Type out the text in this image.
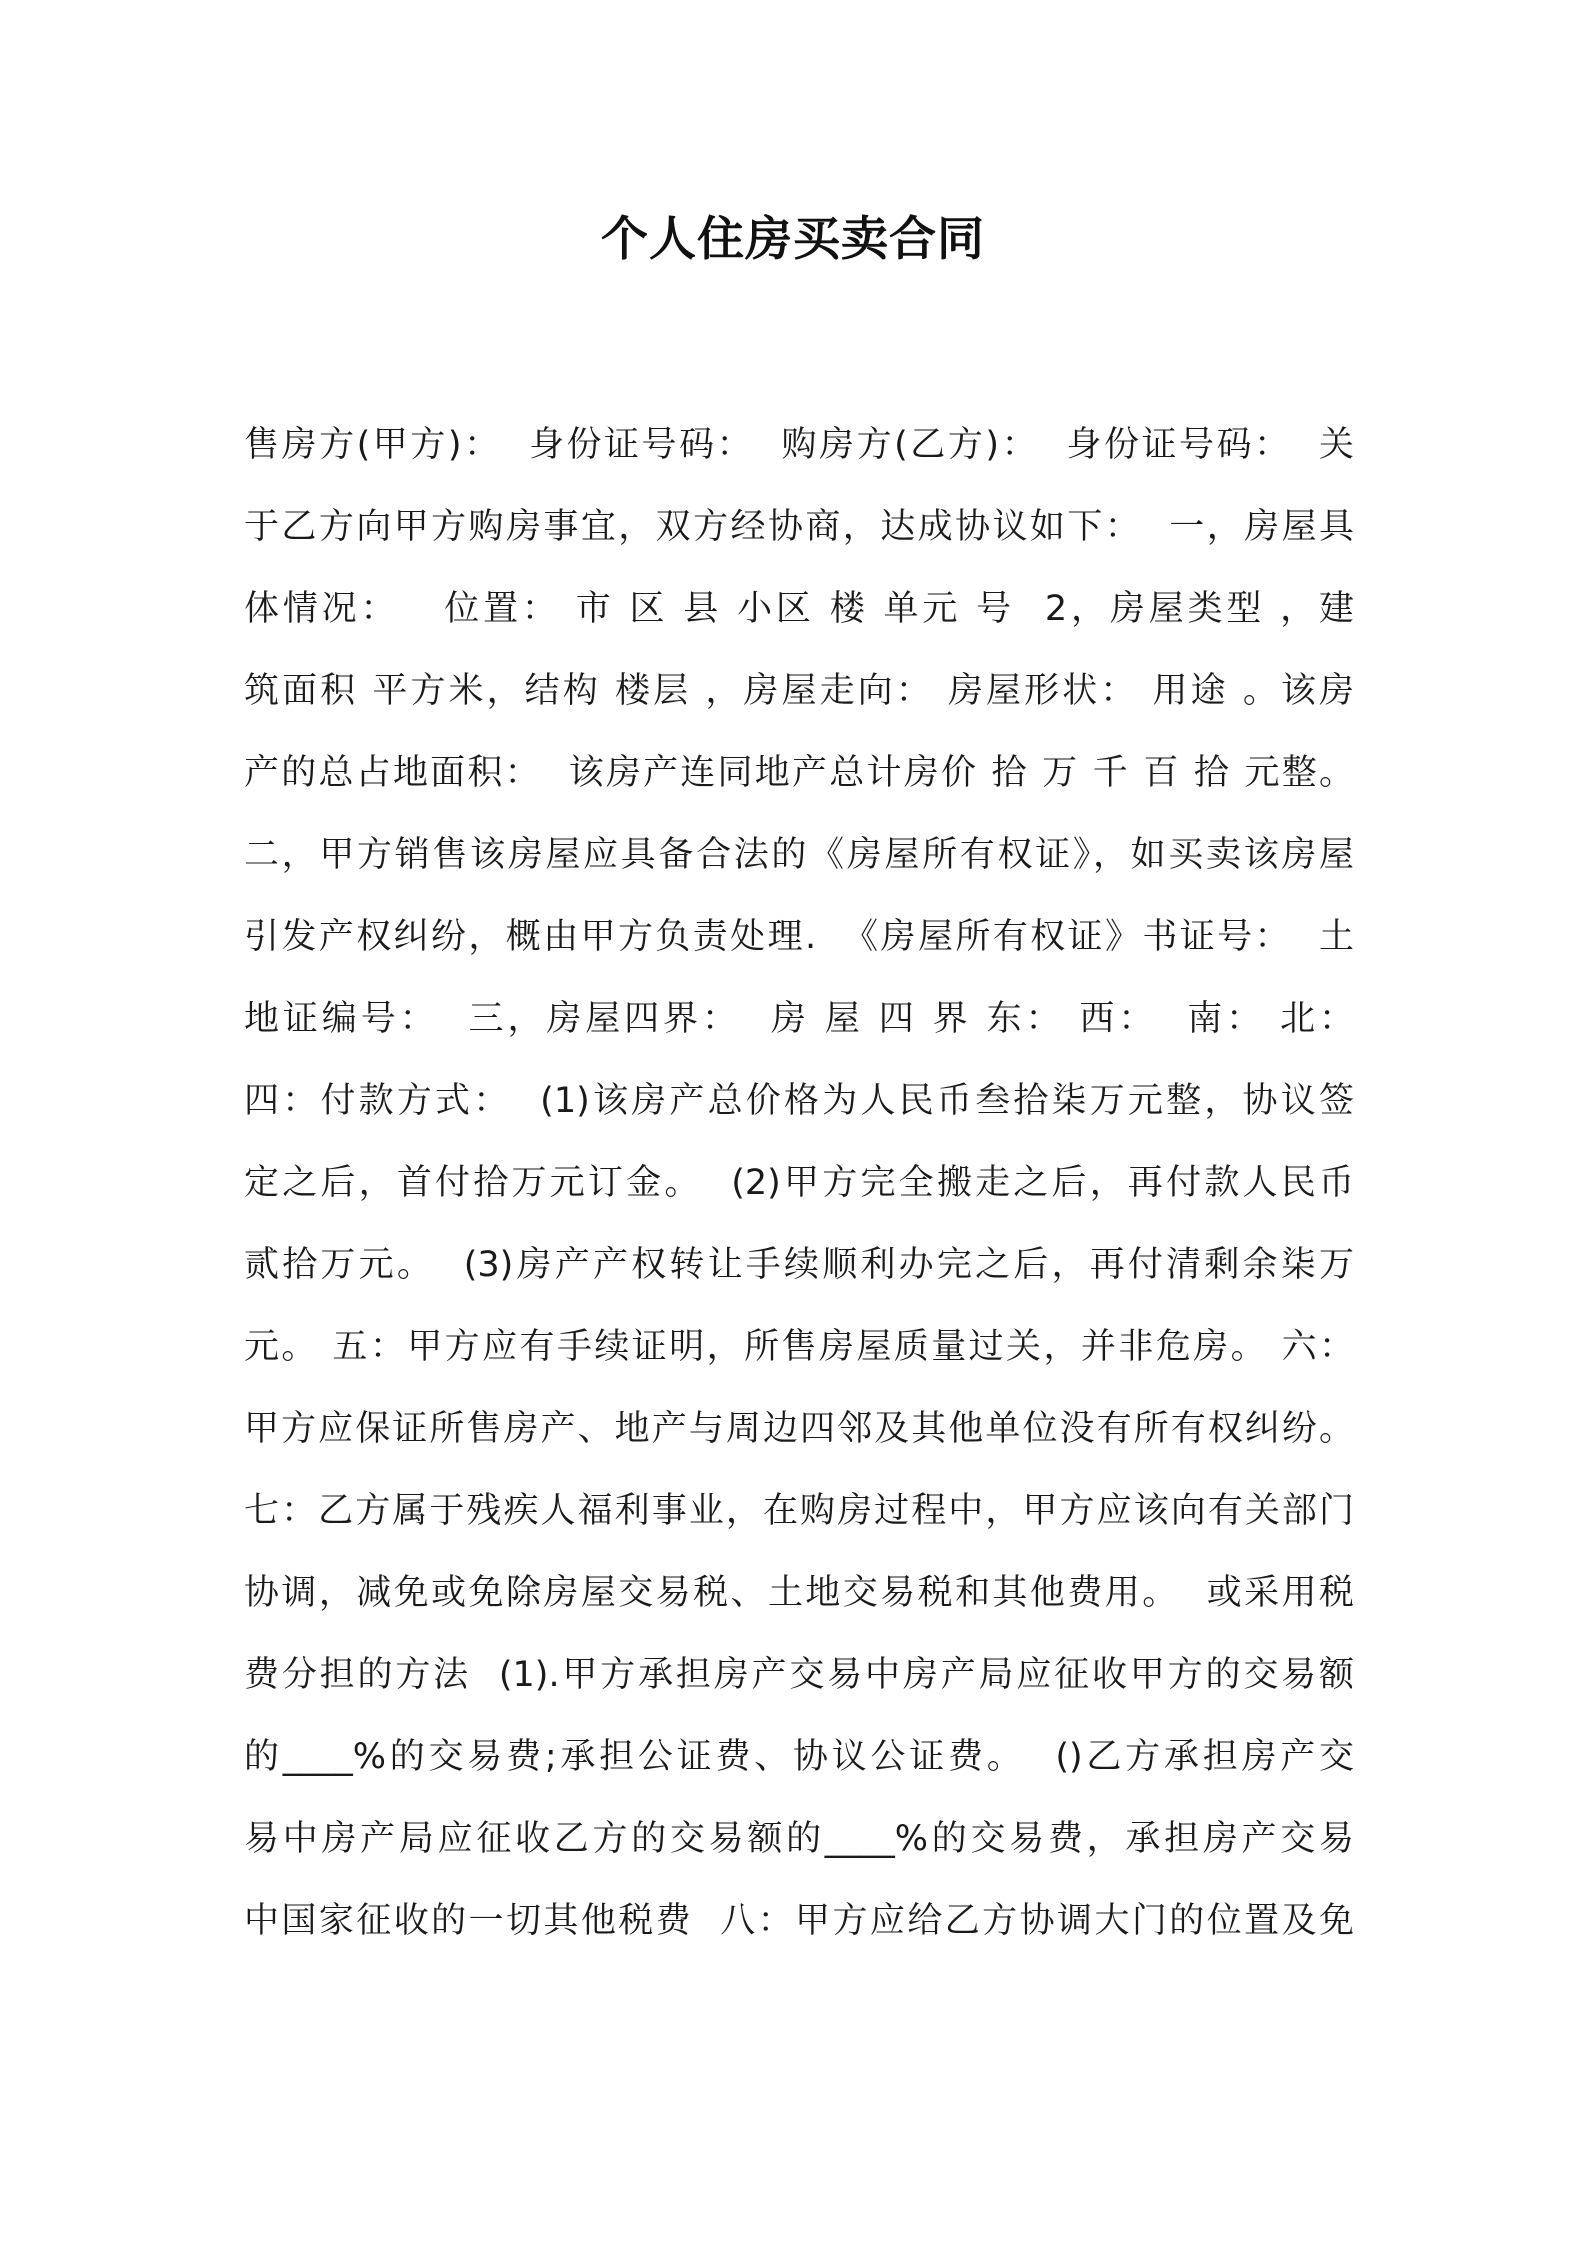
个人住房买卖合同
售房方(甲方)：  身份证号码：  购房方(乙方)：  身份证号码：  关
于乙方向甲方购房事宜，双方经协商，达成协议如下：  一，房屋具
体情况：   位置： 市 区 县 小区 楼 单元 号  2，房屋类型 ，建
筑面积 平方米，结构 楼层 ，房屋走向： 房屋形状： 用途 。该房
产的总占地面积：  该房产连同地产总计房价 拾 万 千 百 拾 元整。
二，甲方销售该房屋应具备合法的《房屋所有权证》，如买卖该房屋
引发产权纠纷，概由甲方负责处理.  《房屋所有权证》书证号：  土
地证编号：  三，房屋四界：  房 屋 四 界 东： 西：  南： 北：
四：付款方式：  (1)该房产总价格为人民币叁拾柒万元整，协议签
定之后，首付拾万元订金。  (2)甲方完全搬走之后，再付款人民币
贰拾万元。  (3)房产产权转让手续顺利办完之后，再付清剩余柒万
元。 五：甲方应有手续证明，所售房屋质量过关，并非危房。 六：
甲方应保证所售房产、地产与周边四邻及其他单位没有所有权纠纷。
七：乙方属于残疾人福利事业，在购房过程中，甲方应该向有关部门
协调，减免或免除房屋交易税、土地交易税和其他费用。  或采用税
费分担的方法  (1).甲方承担房产交易中房产局应征收甲方的交易额
的____%的交易费;承担公证费、协议公证费。  ()乙方承担房产交
易中房产局应征收乙方的交易额的____%的交易费，承担房产交易
中国家征收的一切其他税费  八：甲方应给乙方协调大门的位置及免
